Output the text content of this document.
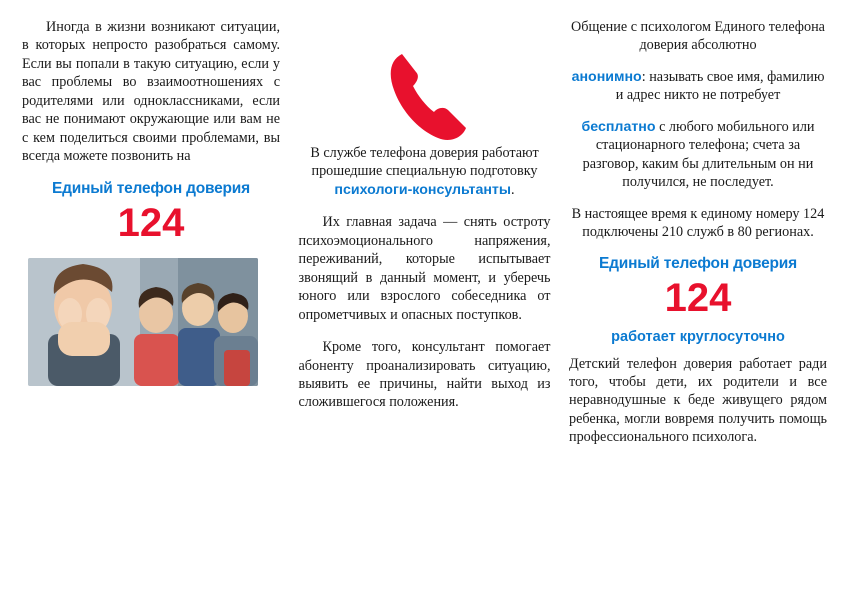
Иногда в жизни возникают ситуации, в которых непросто разобраться самому. Если вы попали в такую ситуацию, если у вас проблемы во взаимоотношениях с родителями или одноклассниками, если вас не понимают окружающие или вам не с кем поделиться своими проблемами, вы всегда можете позвонить на

Единый телефон доверия
124

В службе телефона доверия работают прошедшие специальную подготовку
психологи-консультанты.

Их главная задача — снять остроту психоэмоционального напряжения, переживаний, которые испытывает звонящий в данный момент, и уберечь юного или взрослого собеседника от опрометчивых и опасных поступков.

Кроме того, консультант помогает абоненту проанализировать ситуацию, выявить ее причины, найти выход из сложившегося положения.

Общение с психологом Единого телефона доверия абсолютно

анонимно: называть свое имя, фамилию и адрес никто не потребует

бесплатно с любого мобильного или стационарного телефона; счета за разговор, каким бы длительным он ни получился, не последует.

В настоящее время к единому номеру 124 подключены 210 служб в 80 регионах.

Единый телефон доверия
124
работает круглосуточно

Детский телефон доверия работает ради того, чтобы дети, их родители и все неравнодушные к беде живущего рядом ребенка, могли вовремя получить помощь профессионального психолога.
